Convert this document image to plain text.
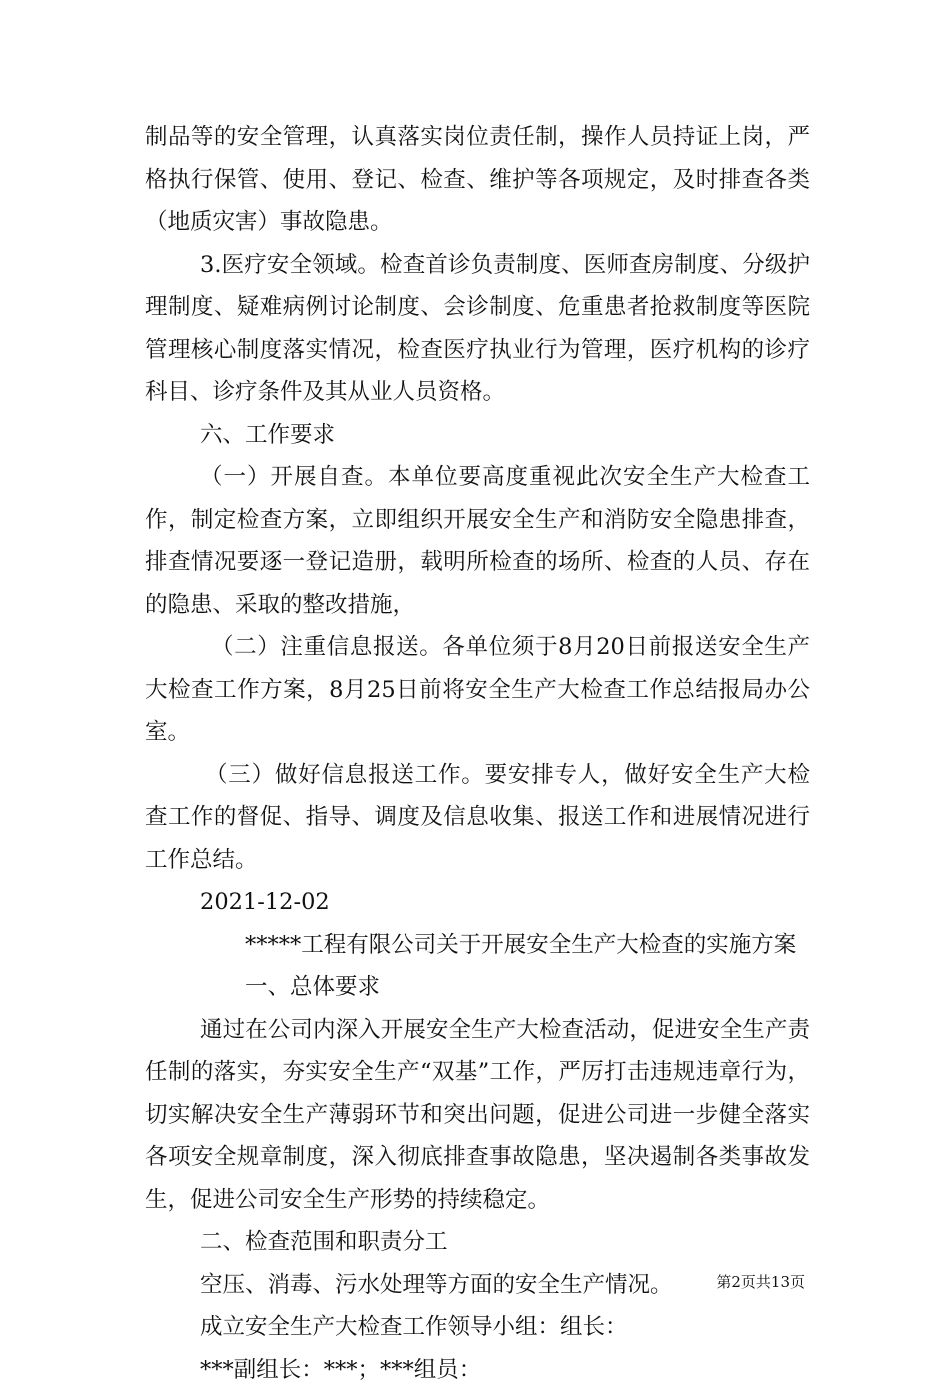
制品等的安全管理，认真落实岗位责任制，操作人员持证上岗，严格执行保管、使用、登记、检查、维护等各项规定，及时排查各类（地质灾害）事故隐患。

3.医疗安全领域。检查首诊负责制度、医师查房制度、分级护理制度、疑难病例讨论制度、会诊制度、危重患者抢救制度等医院管理核心制度落实情况，检查医疗执业行为管理，医疗机构的诊疗科目、诊疗条件及其从业人员资格。

六、工作要求

（一）开展自查。本单位要高度重视此次安全生产大检查工作，制定检查方案，立即组织开展安全生产和消防安全隐患排查，排查情况要逐一登记造册，载明所检查的场所、检查的人员、存在的隐患、采取的整改措施，

（二）注重信息报送。各单位须于8月20日前报送安全生产大检查工作方案，8月25日前将安全生产大检查工作总结报局办公室。

（三）做好信息报送工作。要安排专人，做好安全生产大检查工作的督促、指导、调度及信息收集、报送工作和进展情况进行工作总结。

2021-12-02

*****工程有限公司关于开展安全生产大检查的实施方案

一、总体要求

通过在公司内深入开展安全生产大检查活动，促进安全生产责任制的落实，夯实安全生产“双基”工作，严厉打击违规违章行为，切实解决安全生产薄弱环节和突出问题，促进公司进一步健全落实各项安全规章制度，深入彻底排查事故隐患，坚决遏制各类事故发生，促进公司安全生产形势的持续稳定。

二、检查范围和职责分工

空压、消毒、污水处理等方面的安全生产情况。

成立安全生产大检查工作领导小组：组长：

***副组长：***；***组员：

第2页共13页
